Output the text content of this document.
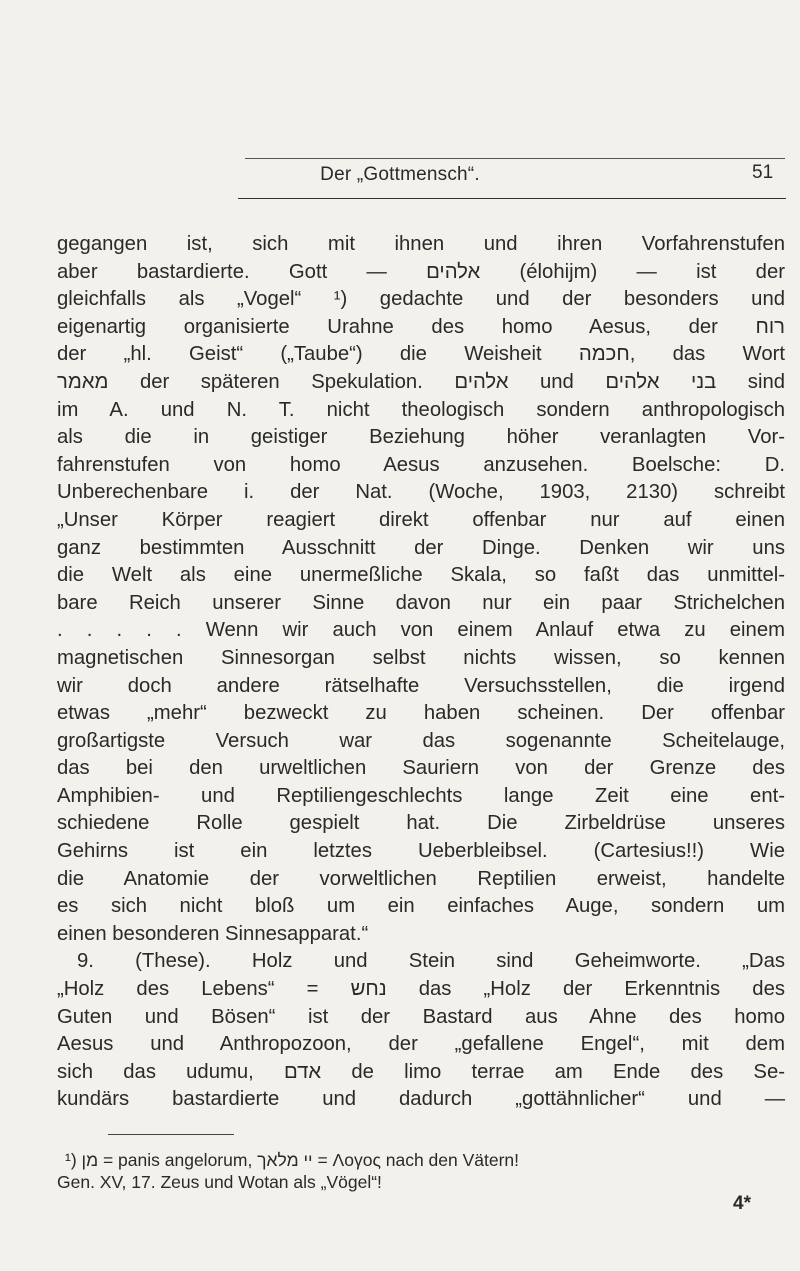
Der „Gottmensch“.	51
gegangen ist, sich mit ihnen und ihren Vorfahrenstufen
aber bastardierte. Gott — אלהים (élohijm) — ist der
gleichfalls als „Vogel“ ¹) gedachte und der besonders und
eigenartig organisierte Urahne des homo Aesus, der רוח
der „hl. Geist“ („Taube“) die Weisheit חכמה, das Wort
מאמר der späteren Spekulation. אלהים und בני אלהים sind
im A. und N. T. nicht theologisch sondern anthropologisch
als die in geistiger Beziehung höher veranlagten Vor-
fahrenstufen von homo Aesus anzusehen. Boelsche: D.
Unberechenbare i. der Nat. (Woche, 1903, 2130) schreibt
„Unser Körper reagiert direkt offenbar nur auf einen
ganz bestimmten Ausschnitt der Dinge. Denken wir uns
die Welt als eine unermeßliche Skala, so faßt das unmittel-
bare Reich unserer Sinne davon nur ein paar Strichelchen
. . . . . Wenn wir auch von einem Anlauf etwa zu einem
magnetischen Sinnesorgan selbst nichts wissen, so kennen
wir doch andere rätselhafte Versuchsstellen, die irgend
etwas „mehr“ bezweckt zu haben scheinen. Der offenbar
großartigste Versuch war das sogenannte Scheitelauge,
das bei den urweltlichen Sauriern von der Grenze des
Amphibien- und Reptiliengeschlechts lange Zeit eine ent-
schiedene Rolle gespielt hat. Die Zirbeldrüse unseres
Gehirns ist ein letztes Ueberbleibsel. (Cartesius!!) Wie
die Anatomie der vorweltlichen Reptilien erweist, handelte
es sich nicht bloß um ein einfaches Auge, sondern um
einen besonderen Sinnesapparat.“
9. (These). Holz und Stein sind Geheimworte. „Das
„Holz des Lebens“ = נחש das „Holz der Erkenntnis des
Guten und Bösen“ ist der Bastard aus Ahne des homo
Aesus und Anthropozoon, der „gefallene Engel“, mit dem
sich das udumu, אדם de limo terrae am Ende des Se-
kundärs bastardierte und dadurch „gottähnlicher“ und —
¹) מן = panis angelorum, יי מלאך = Λογος nach den Vätern!
Gen. XV, 17. Zeus und Wotan als „Vögel“!
4*
